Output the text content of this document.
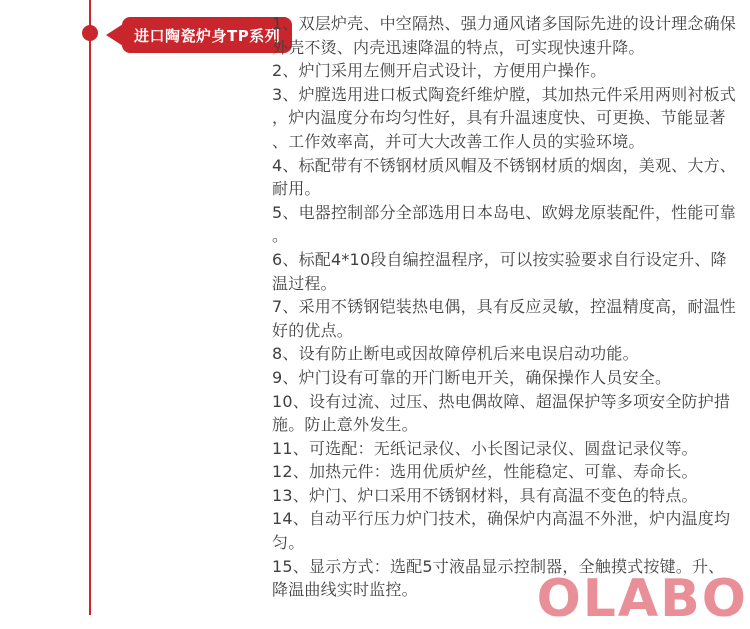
进口陶瓷炉身TP系列

1、双层炉壳、中空隔热、强力通风诸多国际先进的设计理念确保外壳不烫、内壳迅速降温的特点，可实现快速升降。

2、炉门采用左侧开启式设计，方便用户操作。

3、炉膛选用进口板式陶瓷纤维炉膛，其加热元件采用两则衬板式，炉内温度分布均匀性好，具有升温速度快、可更换、节能显著、工作效率高，并可大大改善工作人员的实验环境。

4、标配带有不锈钢材质风帽及不锈钢材质的烟囱，美观、大方、耐用。

5、电器控制部分全部选用日本岛电、欧姆龙原装配件，性能可靠。

6、标配4*10段自编控温程序，可以按实验要求自行设定升、降温过程。

7、采用不锈钢铠装热电偶，具有反应灵敏，控温精度高，耐温性好的优点。

8、设有防止断电或因故障停机后来电误启动功能。

9、炉门设有可靠的开门断电开关，确保操作人员安全。

10、设有过流、过压、热电偶故障、超温保护等多项安全防护措施。防止意外发生。

11、可选配：无纸记录仪、小长图记录仪、圆盘记录仪等。

12、加热元件：选用优质炉丝，性能稳定、可靠、寿命长。

13、炉门、炉口采用不锈钢材料，具有高温不变色的特点。

14、自动平行压力炉门技术，确保炉内高温不外泄，炉内温度均匀。

15、显示方式：选配5寸液晶显示控制器，全触摸式按键。升、降温曲线实时监控。	OLABO
